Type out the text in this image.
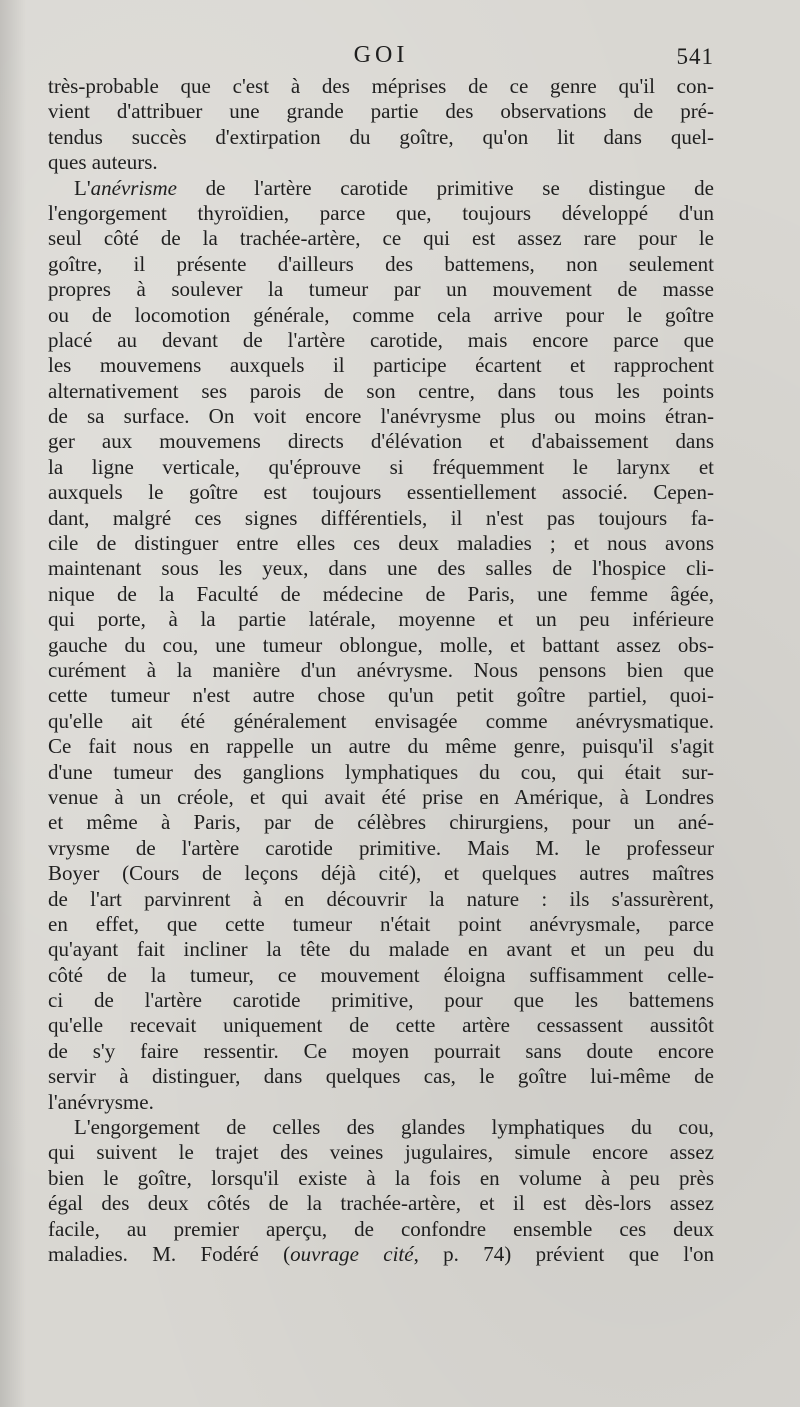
GOI	541
très-probable que c'est à des méprises de ce genre qu'il con-
vient d'attribuer une grande partie des observations de pré-
tendus succès d'extirpation du goître, qu'on lit dans quel-
ques auteurs.
L'anévrisme de l'artère carotide primitive se distingue de
l'engorgement thyroïdien, parce que, toujours développé d'un
seul côté de la trachée-artère, ce qui est assez rare pour le
goître, il présente d'ailleurs des battemens, non seulement
propres à soulever la tumeur par un mouvement de masse
ou de locomotion générale, comme cela arrive pour le goître
placé au devant de l'artère carotide, mais encore parce que
les mouvemens auxquels il participe écartent et rapprochent
alternativement ses parois de son centre, dans tous les points
de sa surface. On voit encore l'anévrysme plus ou moins étran-
ger aux mouvemens directs d'élévation et d'abaissement dans
la ligne verticale, qu'éprouve si fréquemment le larynx et
auxquels le goître est toujours essentiellement associé. Cepen-
dant, malgré ces signes différentiels, il n'est pas toujours fa-
cile de distinguer entre elles ces deux maladies ; et nous avons
maintenant sous les yeux, dans une des salles de l'hospice cli-
nique de la Faculté de médecine de Paris, une femme âgée,
qui porte, à la partie latérale, moyenne et un peu inférieure
gauche du cou, une tumeur oblongue, molle, et battant assez obs-
curément à la manière d'un anévrysme. Nous pensons bien que
cette tumeur n'est autre chose qu'un petit goître partiel, quoi-
qu'elle ait été généralement envisagée comme anévrysmatique.
Ce fait nous en rappelle un autre du même genre, puisqu'il s'agit
d'une tumeur des ganglions lymphatiques du cou, qui était sur-
venue à un créole, et qui avait été prise en Amérique, à Londres
et même à Paris, par de célèbres chirurgiens, pour un ané-
vrysme de l'artère carotide primitive. Mais M. le professeur
Boyer (Cours de leçons déjà cité), et quelques autres maîtres
de l'art parvinrent à en découvrir la nature : ils s'assurèrent,
en effet, que cette tumeur n'était point anévrysmale, parce
qu'ayant fait incliner la tête du malade en avant et un peu du
côté de la tumeur, ce mouvement éloigna suffisamment celle-
ci de l'artère carotide primitive, pour que les battemens
qu'elle recevait uniquement de cette artère cessassent aussitôt
de s'y faire ressentir. Ce moyen pourrait sans doute encore
servir à distinguer, dans quelques cas, le goître lui-même de
l'anévrysme.
L'engorgement de celles des glandes lymphatiques du cou,
qui suivent le trajet des veines jugulaires, simule encore assez
bien le goître, lorsqu'il existe à la fois en volume à peu près
égal des deux côtés de la trachée-artère, et il est dès-lors assez
facile, au premier aperçu, de confondre ensemble ces deux
maladies. M. Fodéré (ouvrage cité, p. 74) prévient que l'on
